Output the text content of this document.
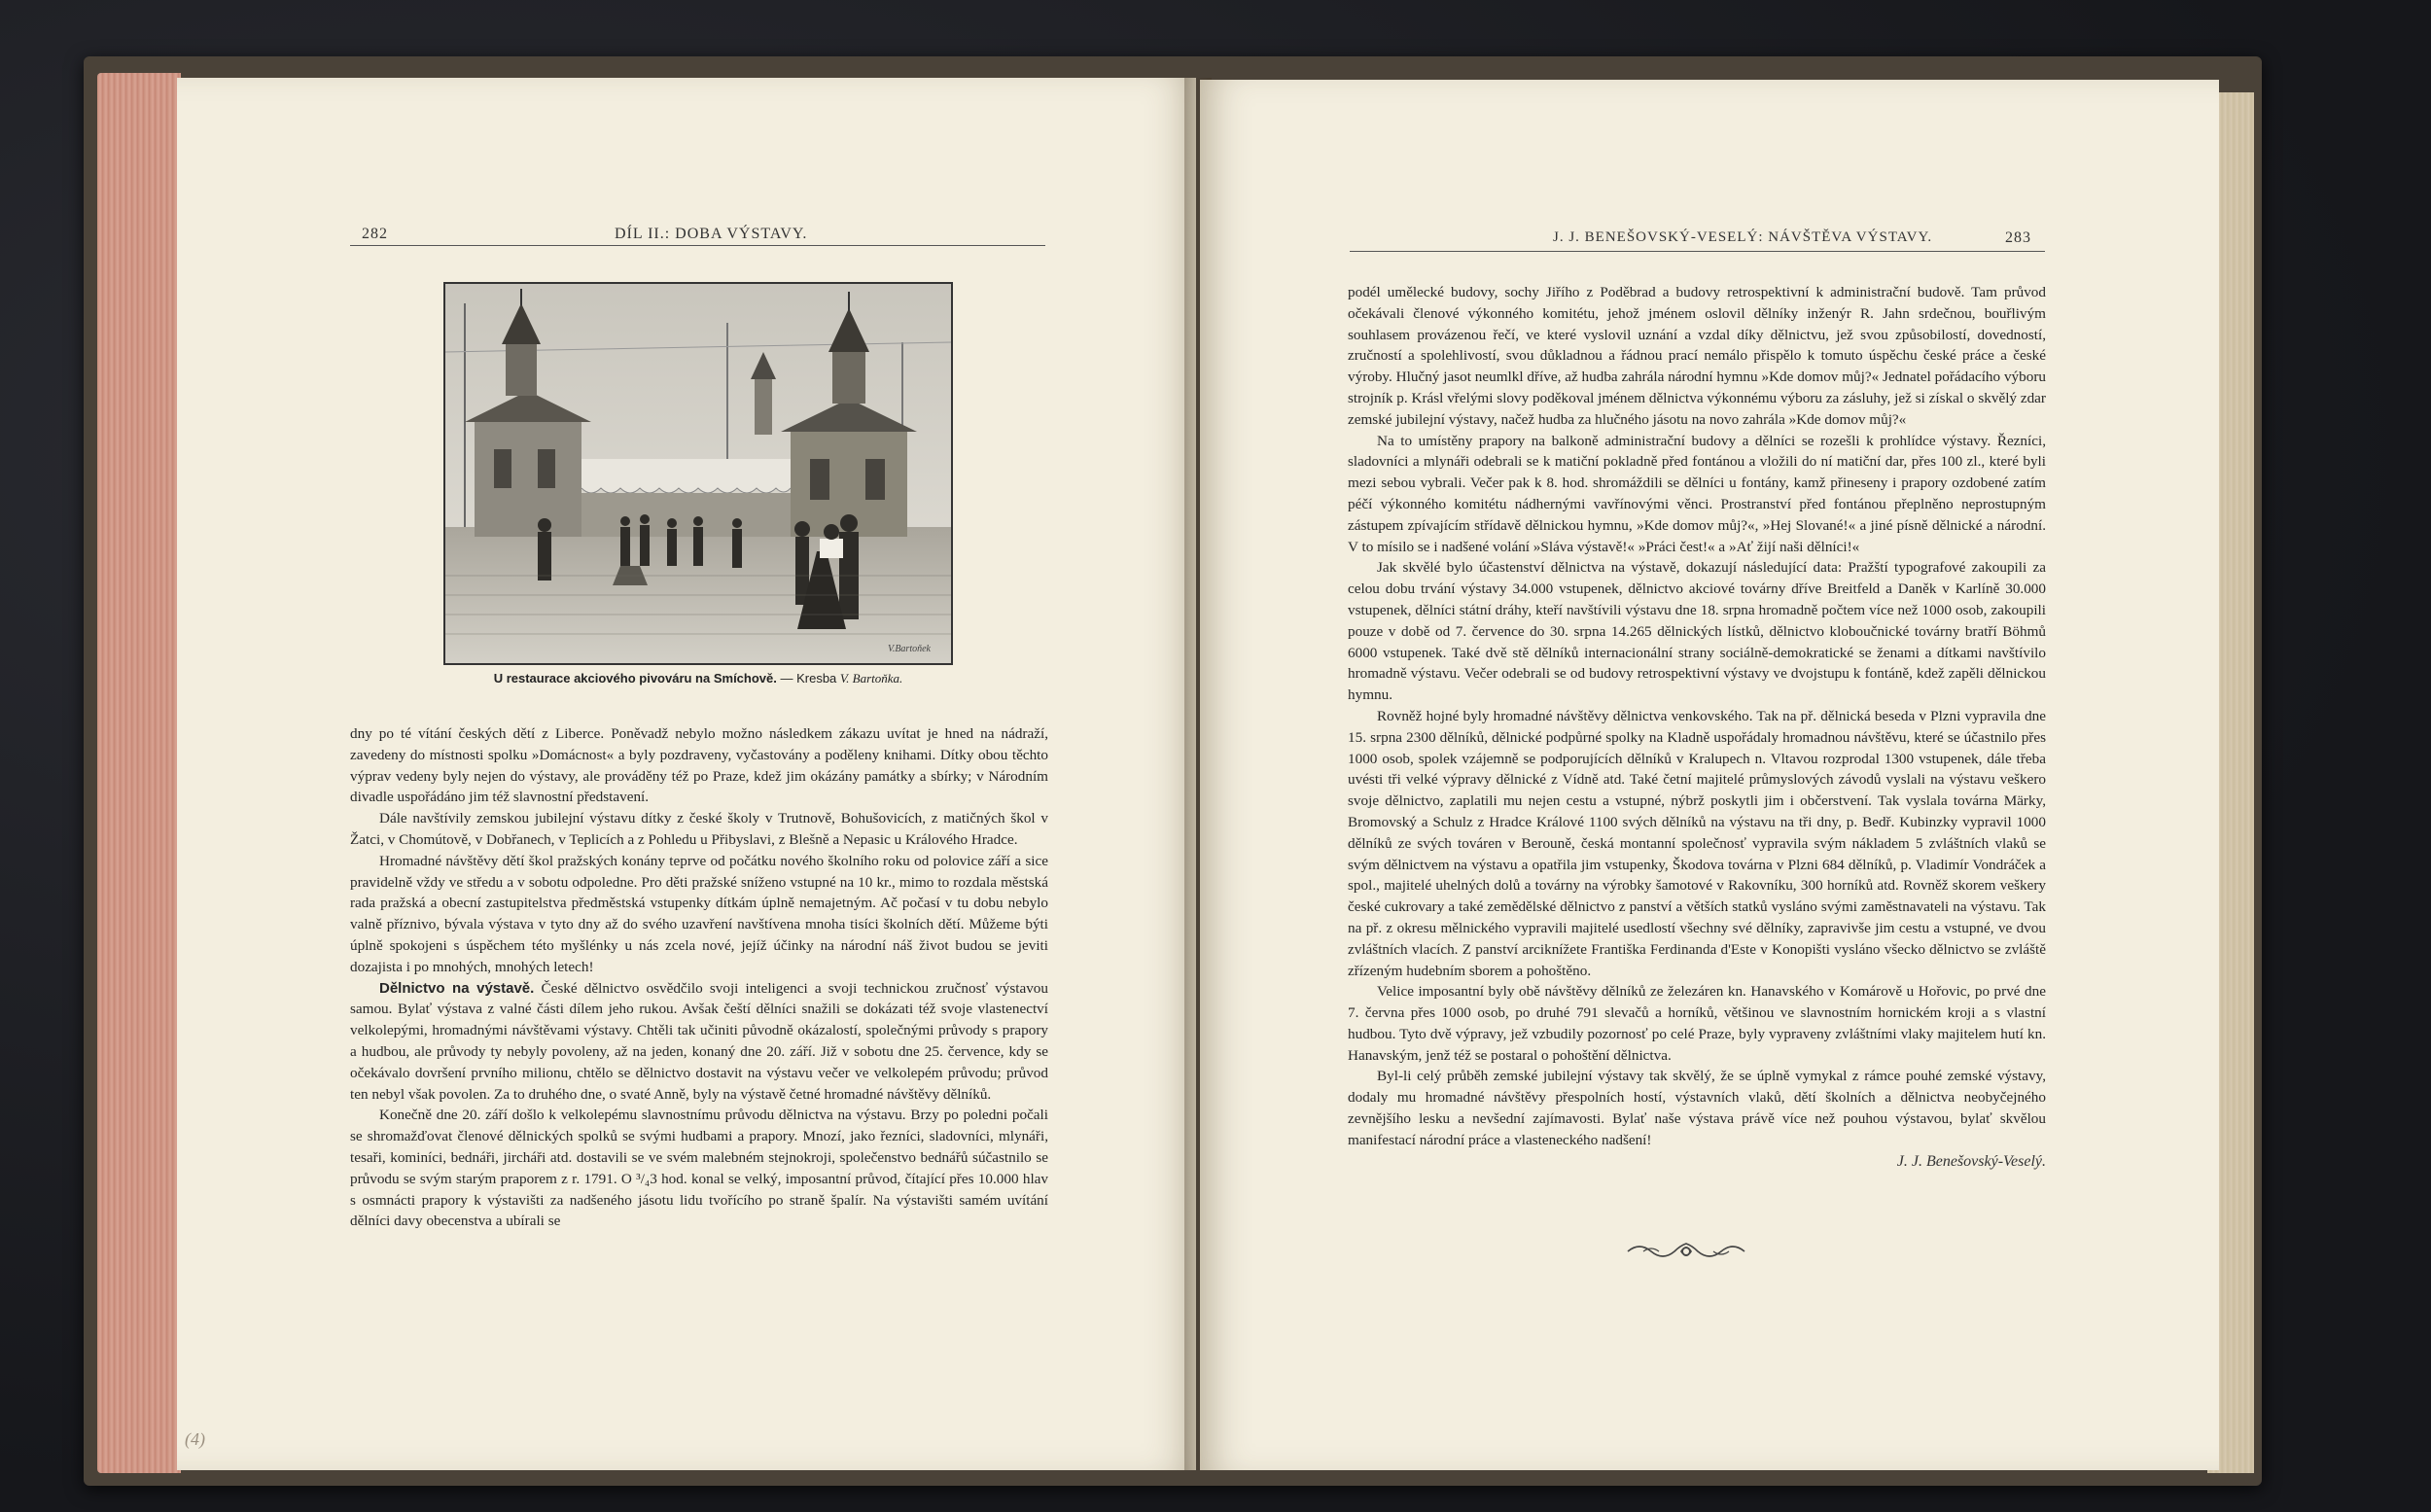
282	DÍL II.: DOBA VÝSTAVY.
V.Bartoňek
U restaurace akciového pivováru na Smíchově. — Kresba V. Bartoňka.

dny po té vítání českých dětí z Liberce. Poněvadž nebylo možno následkem zákazu uvítat je hned na nádraží, zavedeny do místnosti spolku »Domácnost« a byly pozdraveny, vyčastovány a poděleny knihami. Dítky obou těchto výprav vedeny byly nejen do výstavy, ale prováděny též po Praze, kdež jim okázány památky a sbírky; v Národním divadle uspořádáno jim též slavnostní představení.

Dále navštívily zemskou jubilejní výstavu dítky z české školy v Trutnově, Bohušovicích, z matičných škol v Žatci, v Chomútově, v Dobřanech, v Teplicích a z Pohledu u Přibyslavi, z Blešně a Nepasic u Králového Hradce.

Hromadné návštěvy dětí škol pražských konány teprve od počátku nového školního roku od polovice září a sice pravidelně vždy ve středu a v sobotu odpoledne. Pro děti pražské sníženo vstupné na 10 kr., mimo to rozdala městská rada pražská a obecní zastupitelstva předměstská vstupenky dítkám úplně nemajetným. Ač počasí v tu dobu nebylo valně příznivo, bývala výstava v tyto dny až do svého uzavření navštívena mnoha tisíci školních dětí. Můžeme býti úplně spokojeni s úspěchem této myšlénky u nás zcela nové, jejíž účinky na národní náš život budou se jeviti dozajista i po mnohých, mnohých letech!

Dělnictvo na výstavě. České dělnictvo osvědčilo svoji inteligenci a svoji technickou zručnosť výstavou samou. Bylať výstava z valné části dílem jeho rukou. Avšak čeští dělníci snažili se dokázati též svoje vlastenectví velkolepými, hromadnými návštěvami výstavy. Chtěli tak učiniti původně okázalostí, společnými průvody s prapory a hudbou, ale průvody ty nebyly povoleny, až na jeden, konaný dne 20. září. Již v sobotu dne 25. července, kdy se očekávalo dovršení prvního milionu, chtělo se dělnictvo dostavit na výstavu večer ve velkolepém průvodu; průvod ten nebyl však povolen. Za to druhého dne, o svaté Anně, byly na výstavě četné hromadné návštěvy dělníků.

Konečně dne 20. září došlo k velkolepému slavnostnímu průvodu dělnictva na výstavu. Brzy po poledni počali se shromažďovat členové dělnických spolků se svými hudbami a prapory. Mnozí, jako řezníci, sladovníci, mlynáři, tesaři, kominíci, bednáři, jircháři atd. dostavili se ve svém malebném stejnokroji, společenstvo bednářů súčastnilo se průvodu se svým starým praporem z r. 1791. O ³/₄3 hod. konal se velký, imposantní průvod, čítající přes 10.000 hlav s osmnácti prapory k výstavišti za nadšeného jásotu lidu tvořícího po straně špalír. Na výstavišti samém uvítání dělníci davy obecenstva a ubírali se

J. J. BENEŠOVSKÝ-VESELÝ: NÁVŠTĚVA VÝSTAVY.	283

podél umělecké budovy, sochy Jiřího z Poděbrad a budovy retrospektivní k administrační budově. Tam průvod očekávali členové výkonného komitétu, jehož jménem oslovil dělníky inženýr R. Jahn srdečnou, bouřlivým souhlasem provázenou řečí, ve které vyslovil uznání a vzdal díky dělnictvu, jež svou způsobilostí, dovedností, zručností a spolehlivostí, svou důkladnou a řádnou prací nemálo přispělo k tomuto úspěchu české práce a české výroby. Hlučný jasot neumlkl dříve, až hudba zahrála národní hymnu »Kde domov můj?« Jednatel pořádacího výboru strojník p. Krásl vřelými slovy poděkoval jménem dělnictva výkonnému výboru za zásluhy, jež si získal o skvělý zdar zemské jubilejní výstavy, načež hudba za hlučného jásotu na novo zahrála »Kde domov můj?«

Na to umístěny prapory na balkoně administrační budovy a dělníci se rozešli k prohlídce výstavy. Řezníci, sladovníci a mlynáři odebrali se k matiční pokladně před fontánou a vložili do ní matiční dar, přes 100 zl., které byli mezi sebou vybrali. Večer pak k 8. hod. shromáždili se dělníci u fontány, kamž přineseny i prapory ozdobené zatím péčí výkonného komitétu nádhernými vavřínovými věnci. Prostranství před fontánou přeplněno neprostupným zástupem zpívajícím střídavě dělnickou hymnu, »Kde domov můj?«, »Hej Slované!« a jiné písně dělnické a národní. V to mísilo se i nadšené volání »Sláva výstavě!« »Práci čest!« a »Ať žijí naši dělníci!«

Jak skvělé bylo účastenství dělnictva na výstavě, dokazují následující data: Pražští typografové zakoupili za celou dobu trvání výstavy 34.000 vstupenek, dělnictvo akciové továrny dříve Breitfeld a Daněk v Karlíně 30.000 vstupenek, dělníci státní dráhy, kteří navštívili výstavu dne 18. srpna hromadně počtem více než 1000 osob, zakoupili pouze v době od 7. července do 30. srpna 14.265 dělnických lístků, dělnictvo kloboučnické továrny bratří Böhmů 6000 vstupenek. Také dvě stě dělníků internacionální strany sociálně-demokratické se ženami a dítkami navštívilo hromadně výstavu. Večer odebrali se od budovy retrospektivní výstavy ve dvojstupu k fontáně, kdež zapěli dělnickou hymnu.

Rovněž hojné byly hromadné návštěvy dělnictva venkovského. Tak na př. dělnická beseda v Plzni vypravila dne 15. srpna 2300 dělníků, dělnické podpůrné spolky na Kladně uspořádaly hromadnou návštěvu, které se účastnilo přes 1000 osob, spolek vzájemně se podporujících dělníků v Kralupech n. Vltavou rozprodal 1300 vstupenek, dále třeba uvésti tři velké výpravy dělnické z Vídně atd. Také četní majitelé průmyslových závodů vyslali na výstavu veškero svoje dělnictvo, zaplatili mu nejen cestu a vstupné, nýbrž poskytli jim i občerstvení. Tak vyslala továrna Märky, Bromovský a Schulz z Hradce Králové 1100 svých dělníků na výstavu na tři dny, p. Bedř. Kubinzky vypravil 1000 dělníků ze svých továren v Berouně, česká montanní společnosť vypravila svým nákladem 5 zvláštních vlaků se svým dělnictvem na výstavu a opatřila jim vstupenky, Škodova továrna v Plzni 684 dělníků, p. Vladimír Vondráček a spol., majitelé uhelných dolů a továrny na výrobky šamotové v Rakovníku, 300 horníků atd. Rovněž skorem veškery české cukrovary a také zemědělské dělnictvo z panství a větších statků vysláno svými zaměstnavateli na výstavu. Tak na př. z okresu mělnického vypravili majitelé usedlostí všechny své dělníky, zapravivše jim cestu a vstupné, ve dvou zvláštních vlacích. Z panství arciknížete Františka Ferdinanda d'Este v Konopišti vysláno všecko dělnictvo se zvláště zřízeným hudebním sborem a pohoštěno.

Velice imposantní byly obě návštěvy dělníků ze železáren kn. Hanavského v Komárově u Hořovic, po prvé dne 7. června přes 1000 osob, po druhé 791 slevačů a horníků, většinou ve slavnostním hornickém kroji a s vlastní hudbou. Tyto dvě výpravy, jež vzbudily pozornosť po celé Praze, byly vypraveny zvláštními vlaky majitelem hutí kn. Hanavským, jenž též se postaral o pohoštění dělnictva.

Byl-li celý průběh zemské jubilejní výstavy tak skvělý, že se úplně vymykal z rámce pouhé zemské výstavy, dodaly mu hromadné návštěvy přespolních hostí, výstavních vlaků, dětí školních a dělnictva neobyčejného zevnějšího lesku a nevšední zajímavosti. Bylať naše výstava právě více než pouhou výstavou, bylať skvělou manifestací národní práce a vlasteneckého nadšení!

J. J. Benešovský-Veselý.
(4)
